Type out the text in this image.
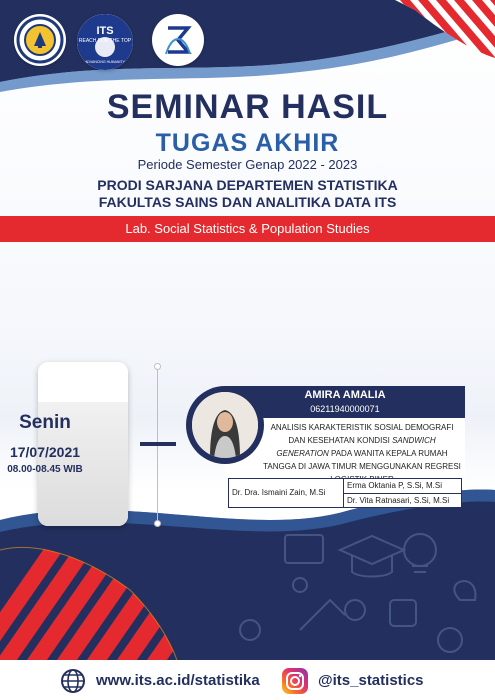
ITS
REACH FOR THE TOP
ADVANCING HUMANITY
SEMINAR HASIL
TUGAS AKHIR
Periode Semester Genap 2022 - 2023
PRODI SARJANA DEPARTEMEN STATISTIKA
FAKULTAS SAINS DAN ANALITIKA DATA ITS
Lab. Social Statistics & Population Studies
Senin
17/07/2021
08.00-08.45 WIB
AMIRA AMALIA
06211940000071
ANALISIS KARAKTERISTIK SOSIAL DEMOGRAFI DAN KESEHATAN KONDISI SANDWICH GENERATION PADA WANITA KEPALA RUMAH TANGGA DI JAWA TIMUR MENGGUNAKAN REGRESI
Dr. Dra. Ismaini Zain, M.Si
Erma Oktania P, S.Si, M.Si
Dr. Vita Ratnasari, S.Si, M.Si
www.its.ac.id/statistika	@its_statistics
